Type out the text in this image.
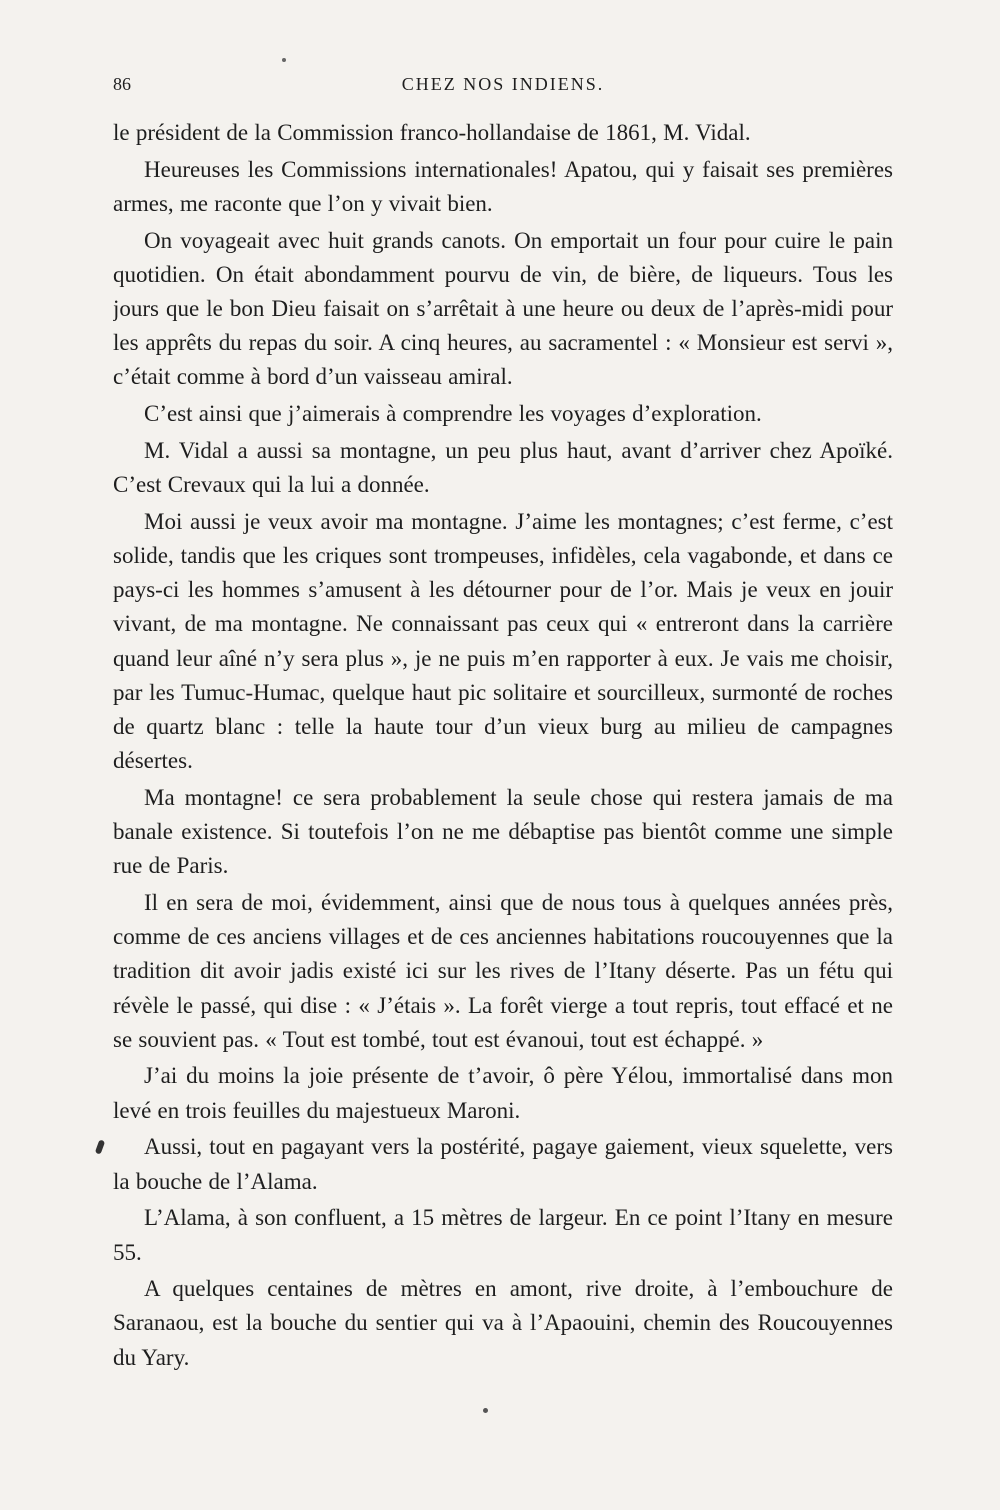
86	CHEZ NOS INDIENS.

le président de la Commission franco-hollandaise de 1861, M. Vidal.

Heureuses les Commissions internationales! Apatou, qui y faisait ses premières armes, me raconte que l’on y vivait bien.

On voyageait avec huit grands canots. On emportait un four pour cuire le pain quotidien. On était abondamment pourvu de vin, de bière, de liqueurs. Tous les jours que le bon Dieu faisait on s’arrêtait à une heure ou deux de l’après-midi pour les apprêts du repas du soir. A cinq heures, au sacramentel : « Monsieur est servi », c’était comme à bord d’un vaisseau amiral.

C’est ainsi que j’aimerais à comprendre les voyages d’exploration.

M. Vidal a aussi sa montagne, un peu plus haut, avant d’arriver chez Apoïké. C’est Crevaux qui la lui a donnée.

Moi aussi je veux avoir ma montagne. J’aime les montagnes; c’est ferme, c’est solide, tandis que les criques sont trompeuses, infidèles, cela vagabonde, et dans ce pays-ci les hommes s’amusent à les détourner pour de l’or. Mais je veux en jouir vivant, de ma montagne. Ne connaissant pas ceux qui « entreront dans la carrière quand leur aîné n’y sera plus », je ne puis m’en rapporter à eux. Je vais me choisir, par les Tumuc-Humac, quelque haut pic solitaire et sourcilleux, surmonté de roches de quartz blanc : telle la haute tour d’un vieux burg au milieu de campagnes désertes.

Ma montagne! ce sera probablement la seule chose qui restera jamais de ma banale existence. Si toutefois l’on ne me débaptise pas bientôt comme une simple rue de Paris.

Il en sera de moi, évidemment, ainsi que de nous tous à quelques années près, comme de ces anciens villages et de ces anciennes habitations roucouyennes que la tradition dit avoir jadis existé ici sur les rives de l’Itany déserte. Pas un fétu qui révèle le passé, qui dise : « J’étais ». La forêt vierge a tout repris, tout effacé et ne se souvient pas. « Tout est tombé, tout est évanoui, tout est échappé. »

J’ai du moins la joie présente de t’avoir, ô père Yélou, immortalisé dans mon levé en trois feuilles du majestueux Maroni.

Aussi, tout en pagayant vers la postérité, pagaye gaiement, vieux squelette, vers la bouche de l’Alama.

L’Alama, à son confluent, a 15 mètres de largeur. En ce point l’Itany en mesure 55.

A quelques centaines de mètres en amont, rive droite, à l’embouchure de Saranaou, est la bouche du sentier qui va à l’Apaouini, chemin des Roucouyennes du Yary.
